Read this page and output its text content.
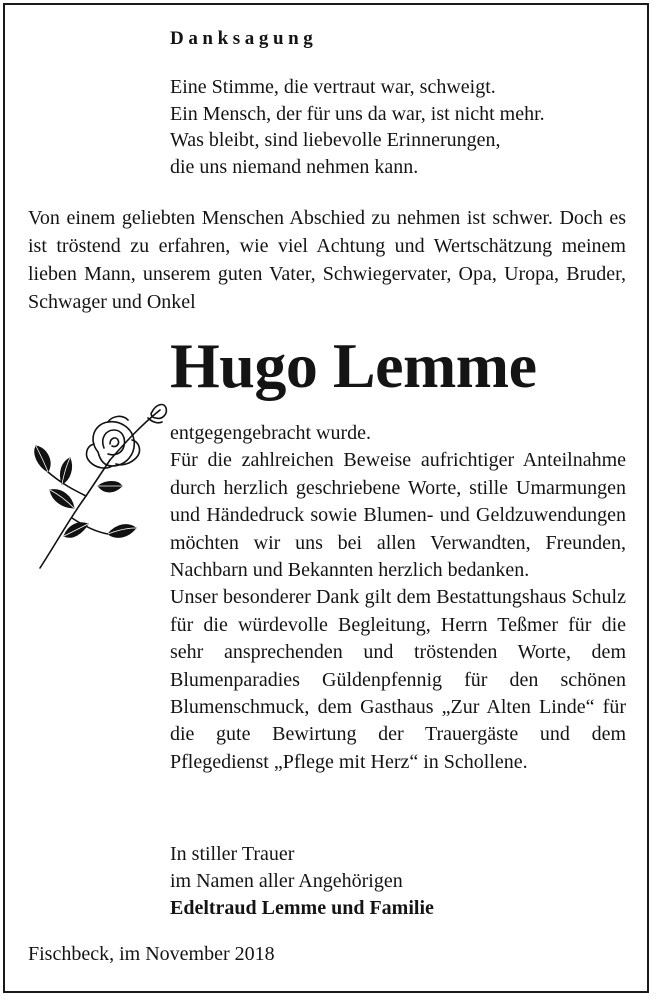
Danksagung
Eine Stimme, die vertraut war, schweigt.
Ein Mensch, der für uns da war, ist nicht mehr.
Was bleibt, sind liebevolle Erinnerungen,
die uns niemand nehmen kann.
Von einem geliebten Menschen Abschied zu nehmen ist schwer. Doch es ist tröstend zu erfahren, wie viel Achtung und Wertschätzung meinem lieben Mann, unserem guten Vater, Schwiegervater, Opa, Uropa, Bruder, Schwager und Onkel
Hugo Lemme

entgegengebracht wurde.

Für die zahlreichen Beweise aufrichtiger Anteilnahme durch herzlich geschriebene Worte, stille Umarmungen und Händedruck sowie Blumen- und Geldzuwendungen möchten wir uns bei allen Verwandten, Freunden, Nachbarn und Bekannten herzlich bedanken.

Unser besonderer Dank gilt dem Bestattungshaus Schulz für die würdevolle Begleitung, Herrn Teßmer für die sehr ansprechenden und tröstenden Worte, dem Blumenparadies Güldenpfennig für den schönen Blumenschmuck, dem Gasthaus „Zur Alten Linde“ für die gute Bewirtung der Trauergäste und dem Pflegedienst „Pflege mit Herz“ in Schollene.

In stiller Trauer
im Namen aller Angehörigen
Edeltraud Lemme und Familie
Fischbeck, im November 2018
